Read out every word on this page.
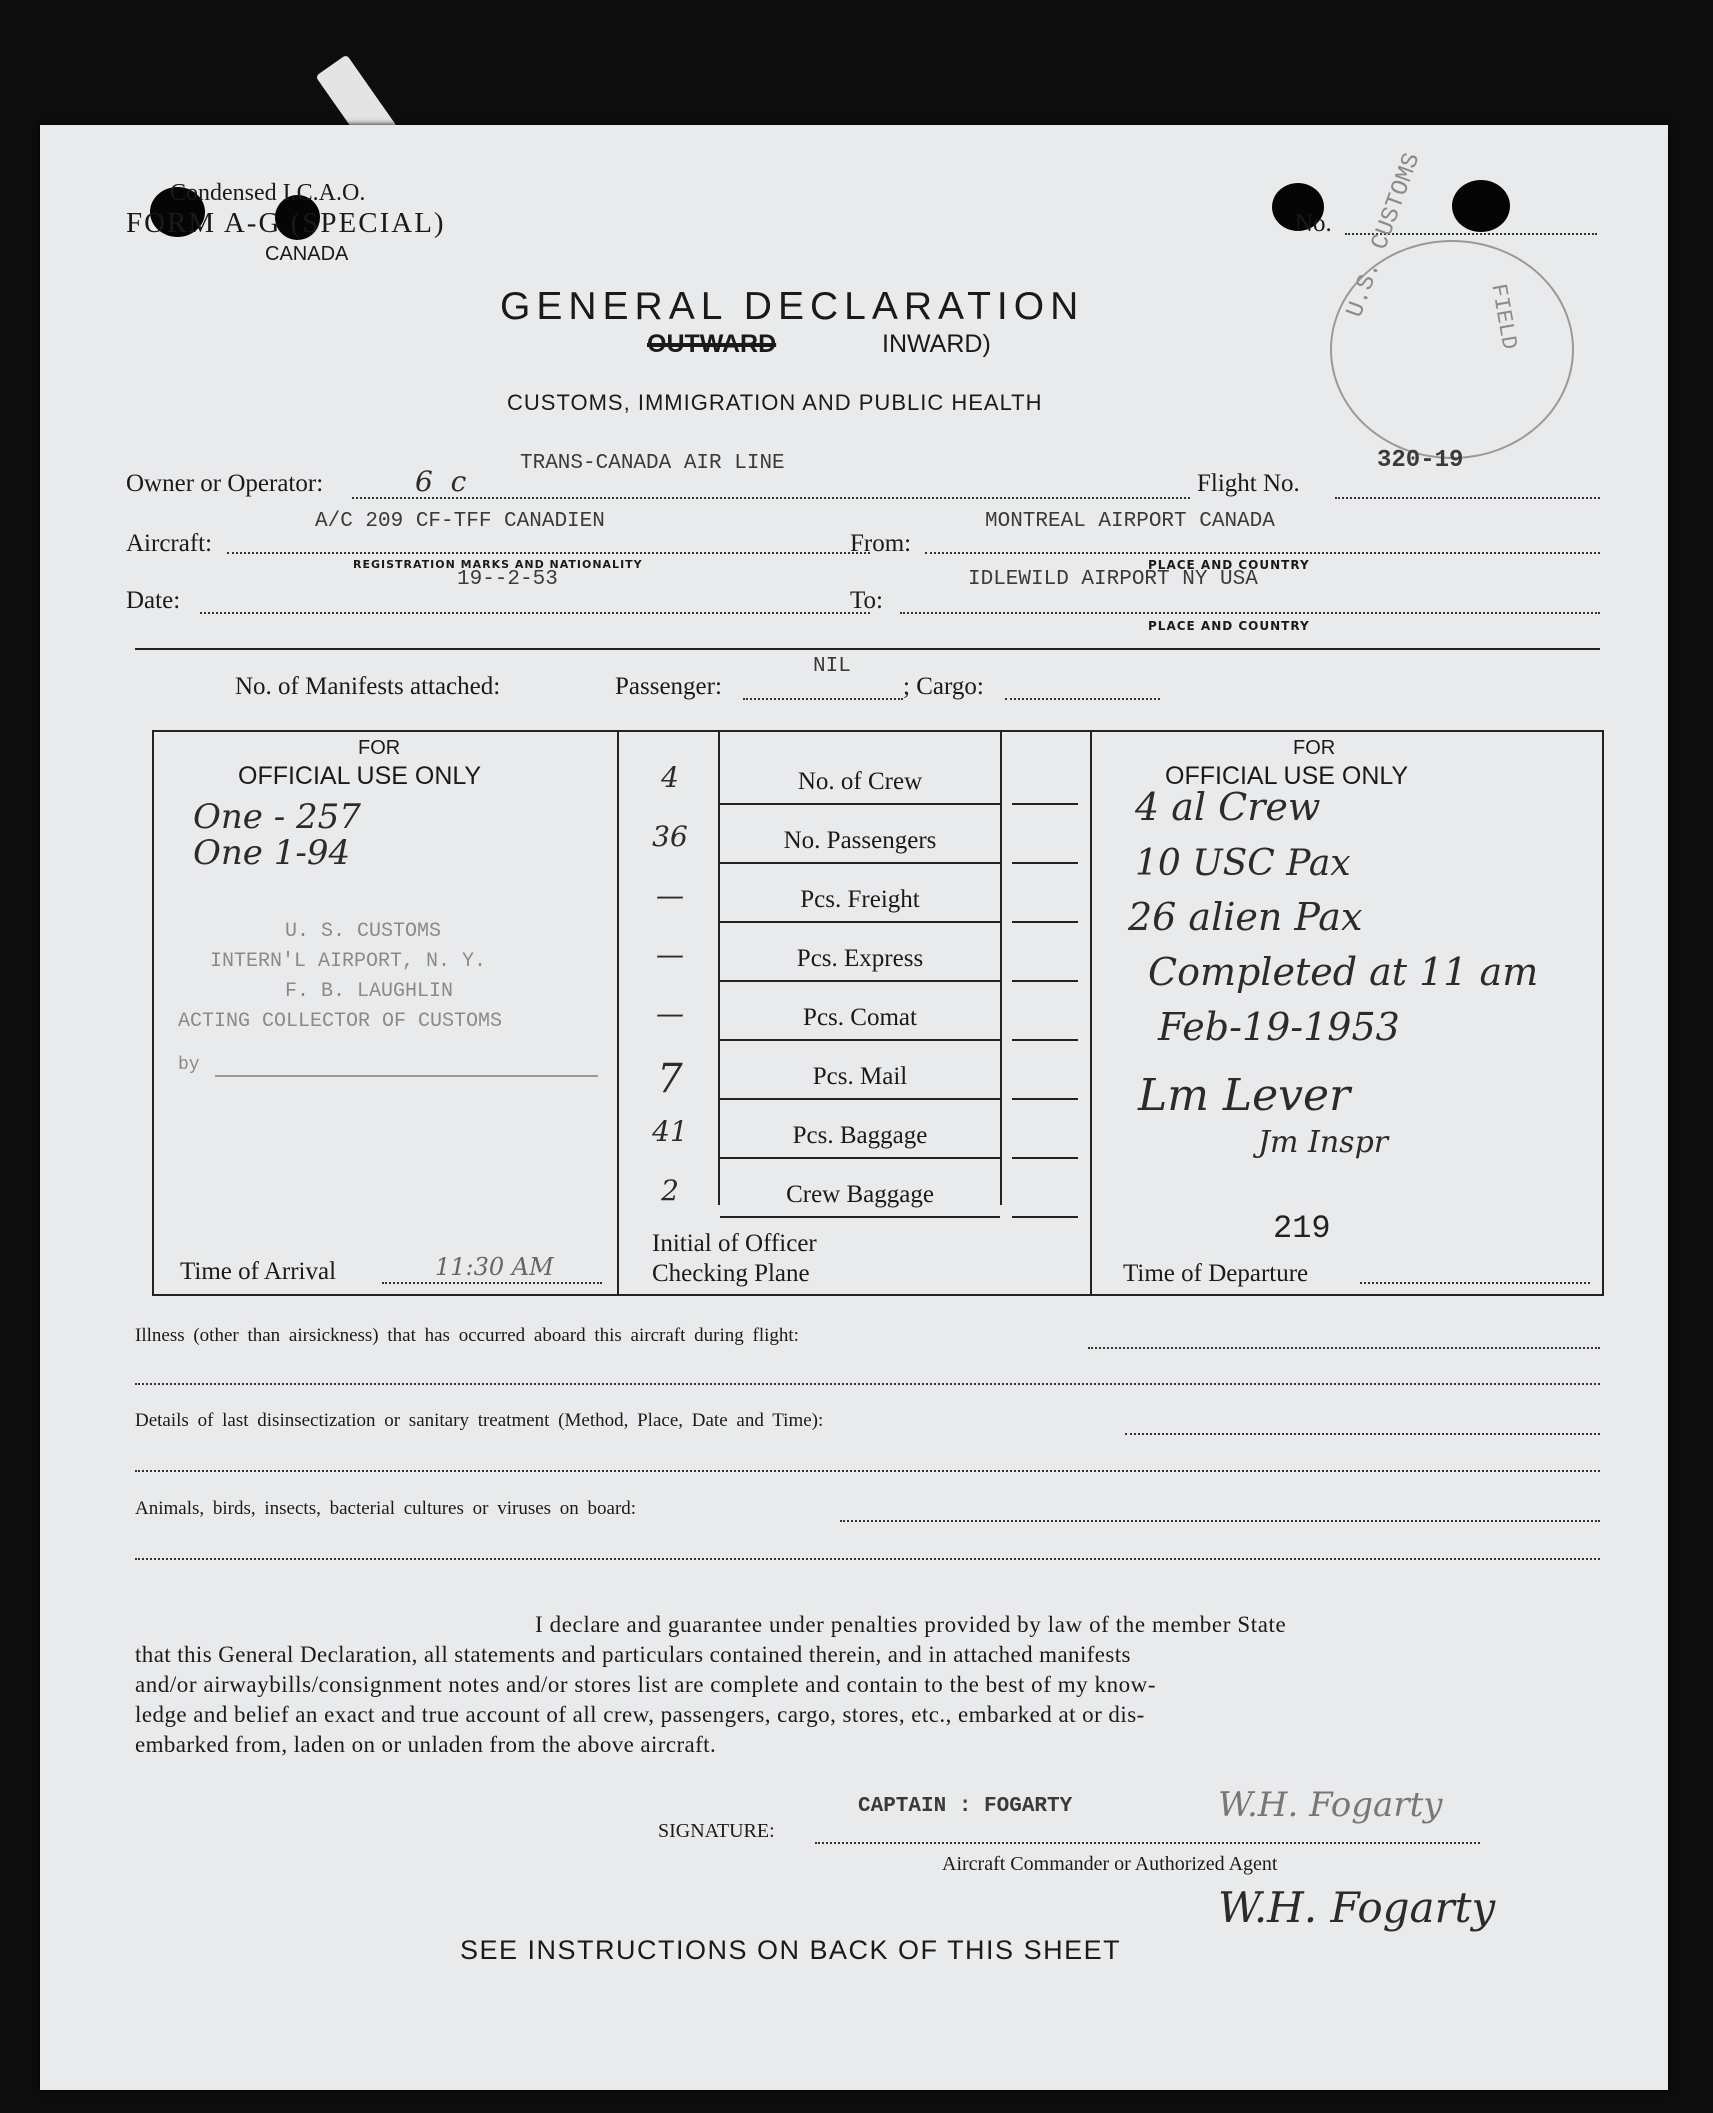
Condensed I.C.A.O.
FORM A-G (SPECIAL)
CANADA
No. U.S. CUSTOMS	FIELD
GENERAL DECLARATION
OUTWARD	INWARD)
CUSTOMS, IMMIGRATION AND PUBLIC HEALTH
Owner or Operator:
TRANS-CANADA AIR LINE
6  c	Flight No.
320-19
Aircraft:
A/C 209 CF-TFF CANADIEN
REGISTRATION MARKS AND NATIONALITY
From:
MONTREAL AIRPORT CANADA
PLACE AND COUNTRY
Date:
19--2-53
To:
IDLEWILD AIRPORT NY USA
PLACE AND COUNTRY
No. of Manifests attached:	Passenger:
NIL
; Cargo:
FOR
OFFICIAL USE ONLY
One - 257
One 1-94
U. S. CUSTOMS
INTERN'L AIRPORT, N. Y.
F. B. LAUGHLIN
ACTING COLLECTOR OF CUSTOMS
by
Time of Arrival	11:30 AM
Initial of Officer
Checking Plane
FOR
OFFICIAL USE ONLY
4 al Crew
10 USC Pax
26 alien Pax
Completed at 11 am
Feb-19-1953
Lm Lever
Jm Inspr
219
Time of Departure
Illness (other than airsickness) that has occurred aboard this aircraft during flight:
Details of last disinsectization or sanitary treatment (Method, Place, Date and Time):
Animals, birds, insects, bacterial cultures or viruses on board:
I declare and guarantee under penalties provided by law of the member State
that this General Declaration, all statements and particulars contained therein, and in attached manifests
and/or airwaybills/consignment notes and/or stores list are complete and contain to the best of my know-
ledge and belief an exact and true account of all crew, passengers, cargo, stores, etc., embarked at or dis-
embarked from, laden on or unladen from the above aircraft.
CAPTAIN : FOGARTY	W.H. Fogarty
SIGNATURE:
Aircraft Commander or Authorized Agent
W.H. Fogarty
SEE INSTRUCTIONS ON BACK OF THIS SHEET
4	No. of Crew
36	No. Passengers
—	Pcs. Freight
—	Pcs. Express
—	Pcs. Comat
7	Pcs. Mail
41	Pcs. Baggage
2	Crew Baggage
